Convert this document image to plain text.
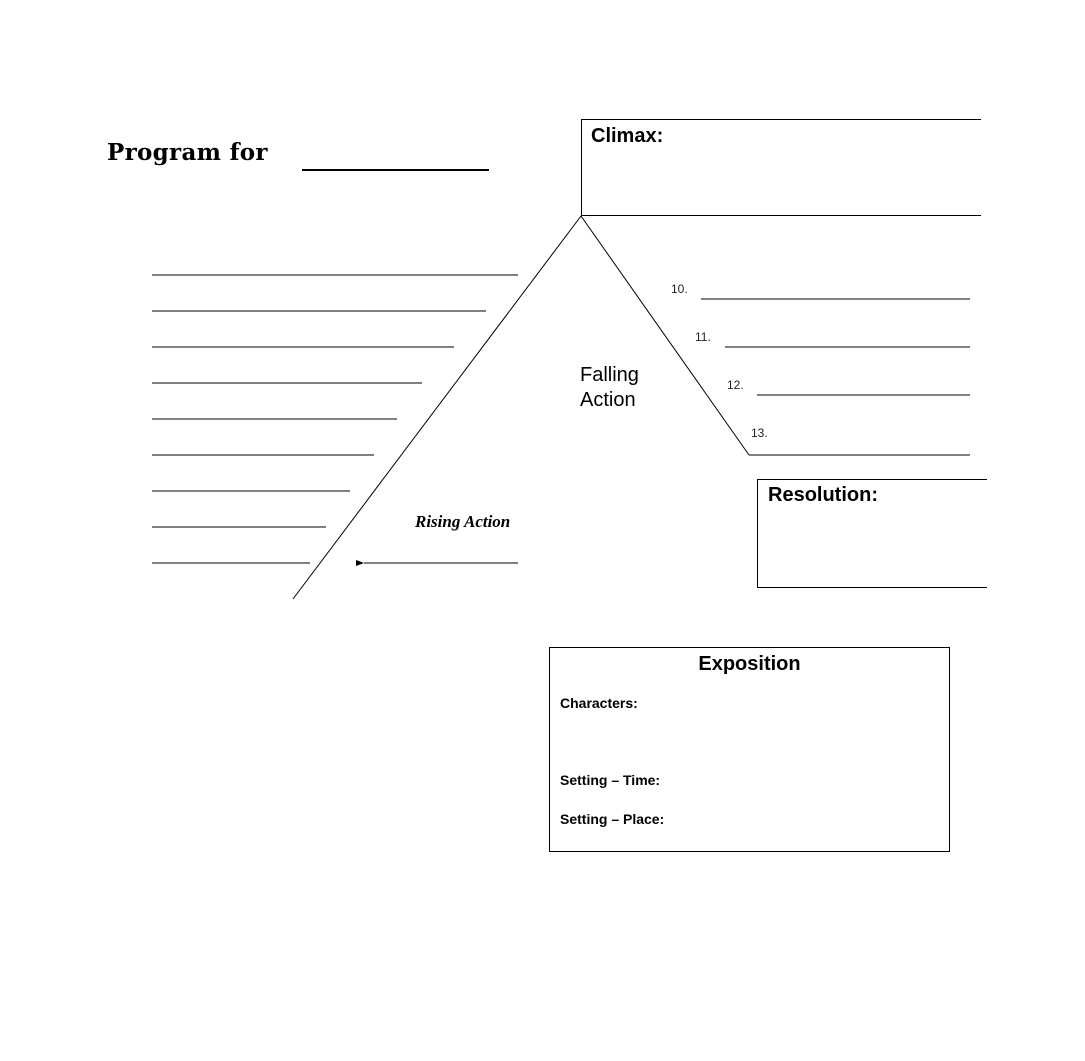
Program for
Climax:
Falling
Action
10.
11.
12.
13.
Rising Action
Resolution:
Exposition
Characters:
Setting – Time:
Setting – Place:
